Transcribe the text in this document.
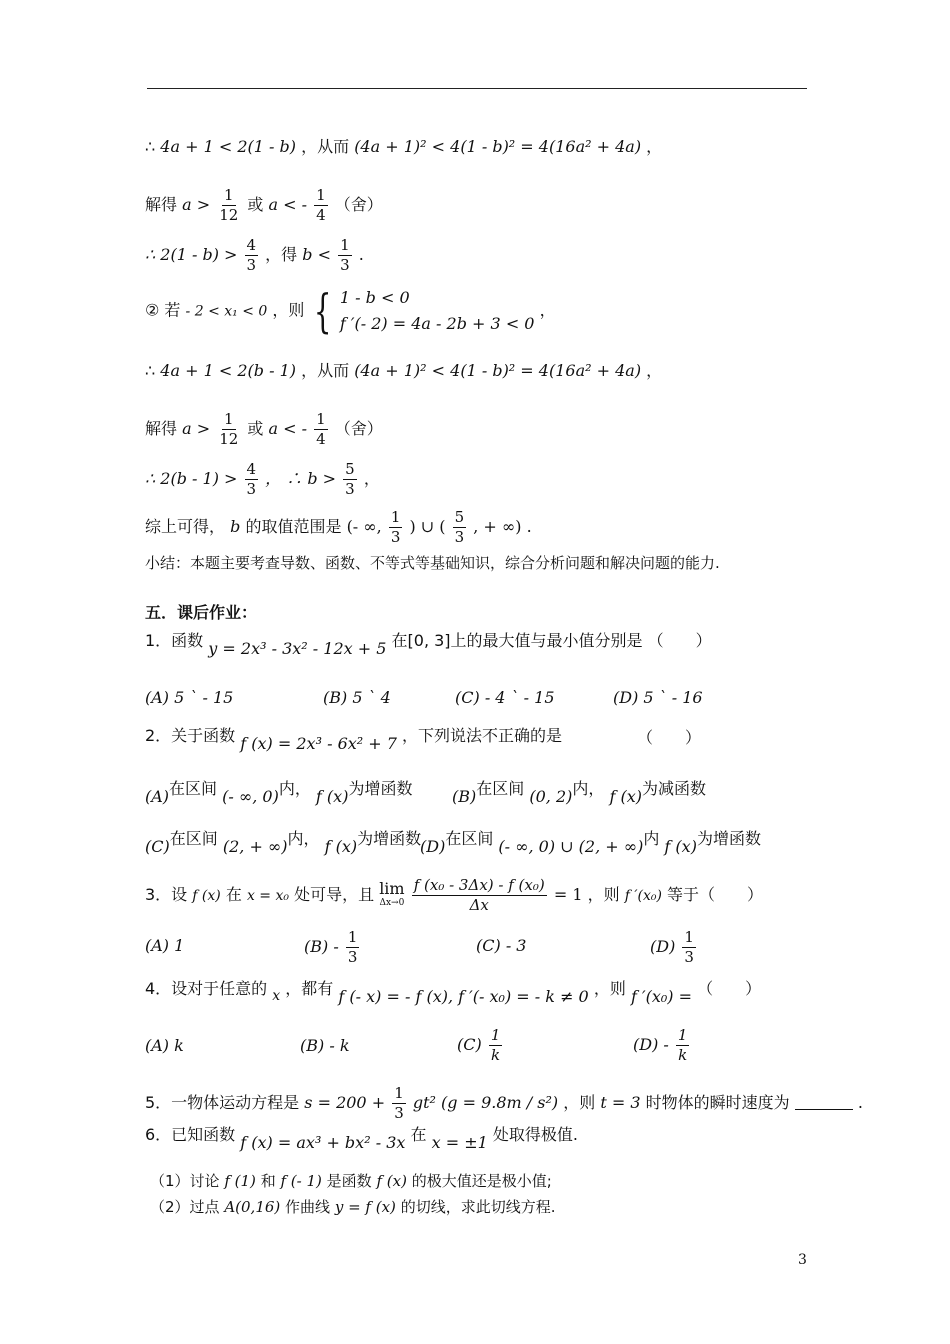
∴ 4a + 1 < 2(1 - b) ，从而 (4a + 1)² < 4(1 - b)² = 4(16a² + 4a) ，
解得 $a > \frac{1}{12}$ 或 a < - $\frac{1}{4}$ （舍）
∴ $2(1 - b) > \frac{4}{3}$ ，得 $b < \frac{1}{3}$ .
② 若 - 2 < x₁ < 0 ，则 { 1 - b < 0
f ′(- 2) = 4a - 2b + 3 < 0
，
∴ 4a + 1 < 2(b - 1) ，从而 (4a + 1)² < 4(1 - b)² = 4(16a² + 4a) ，
解得 $a > \frac{1}{12}$ 或 a < - $\frac{1}{4}$ （舍）
∴ $2(b - 1) > \frac{4}{3}$ ， ∴ $b > \frac{5}{3}$ ，
综上可得， b 的取值范围是 (- ∞, $\frac{1}{3}$ ) ∪ ( $\frac{5}{3}$ , + ∞) .
小结：本题主要考查导数、函数、不等式等基础知识，综合分析问题和解决问题的能力.
五．课后作业：
1．函数 y = 2x³ - 3x² - 12x + 5 在[0, 3]上的最大值与最小值分别是 （　　）
(A) 5 ` - 15	(B) 5 ` 4	(C) - 4 ` - 15	(D) 5 ` - 16
2．关于函数 f (x) = 2x³ - 6x² + 7 ，下列说法不正确的是	（　　）
(A)在区间 (- ∞, 0)内， f (x)为增函数 (B)在区间 (0, 2)内， f (x)为减函数
(C)在区间 (2, + ∞)内， f (x)为增函数
(D)在区间 (- ∞, 0) ∪ (2, + ∞)内 f (x)为增函数
3．设 f (x) 在 x = x₀ 处可导，且 lim
Δx→0
$\frac{\text{f (x₀ - 3Δx) - f (x₀)}}{\Delta x} = 1$ ，则 f ′(x₀) 等于（　　）
(A) 1	$(B) - \frac{1}{3}$	(C) - 3	$(D) \frac{1}{3}$
4．设对于任意的 x ，都有 f (- x) = - f (x), f ′(- x₀) = - k ≠ 0 ，则 f ′(x₀) = （　　）
(A) k	(B) - k	$(C) \frac{1}{k}$	$(D) - \frac{1}{k}$
5．一物体运动方程是 $s = 200 + \frac{1}{3} gt^2$ (g = 9.8m / s²) ，则 t = 3 时物体的瞬时速度为	.
6．已知函数 f (x) = ax³ + bx² - 3x 在 x = ±1 处取得极值.
（1）讨论 f (1) 和 f (- 1) 是函数 f (x) 的极大值还是极小值;
（2）过点 A(0,16) 作曲线 y = f (x) 的切线，求此切线方程.
3
